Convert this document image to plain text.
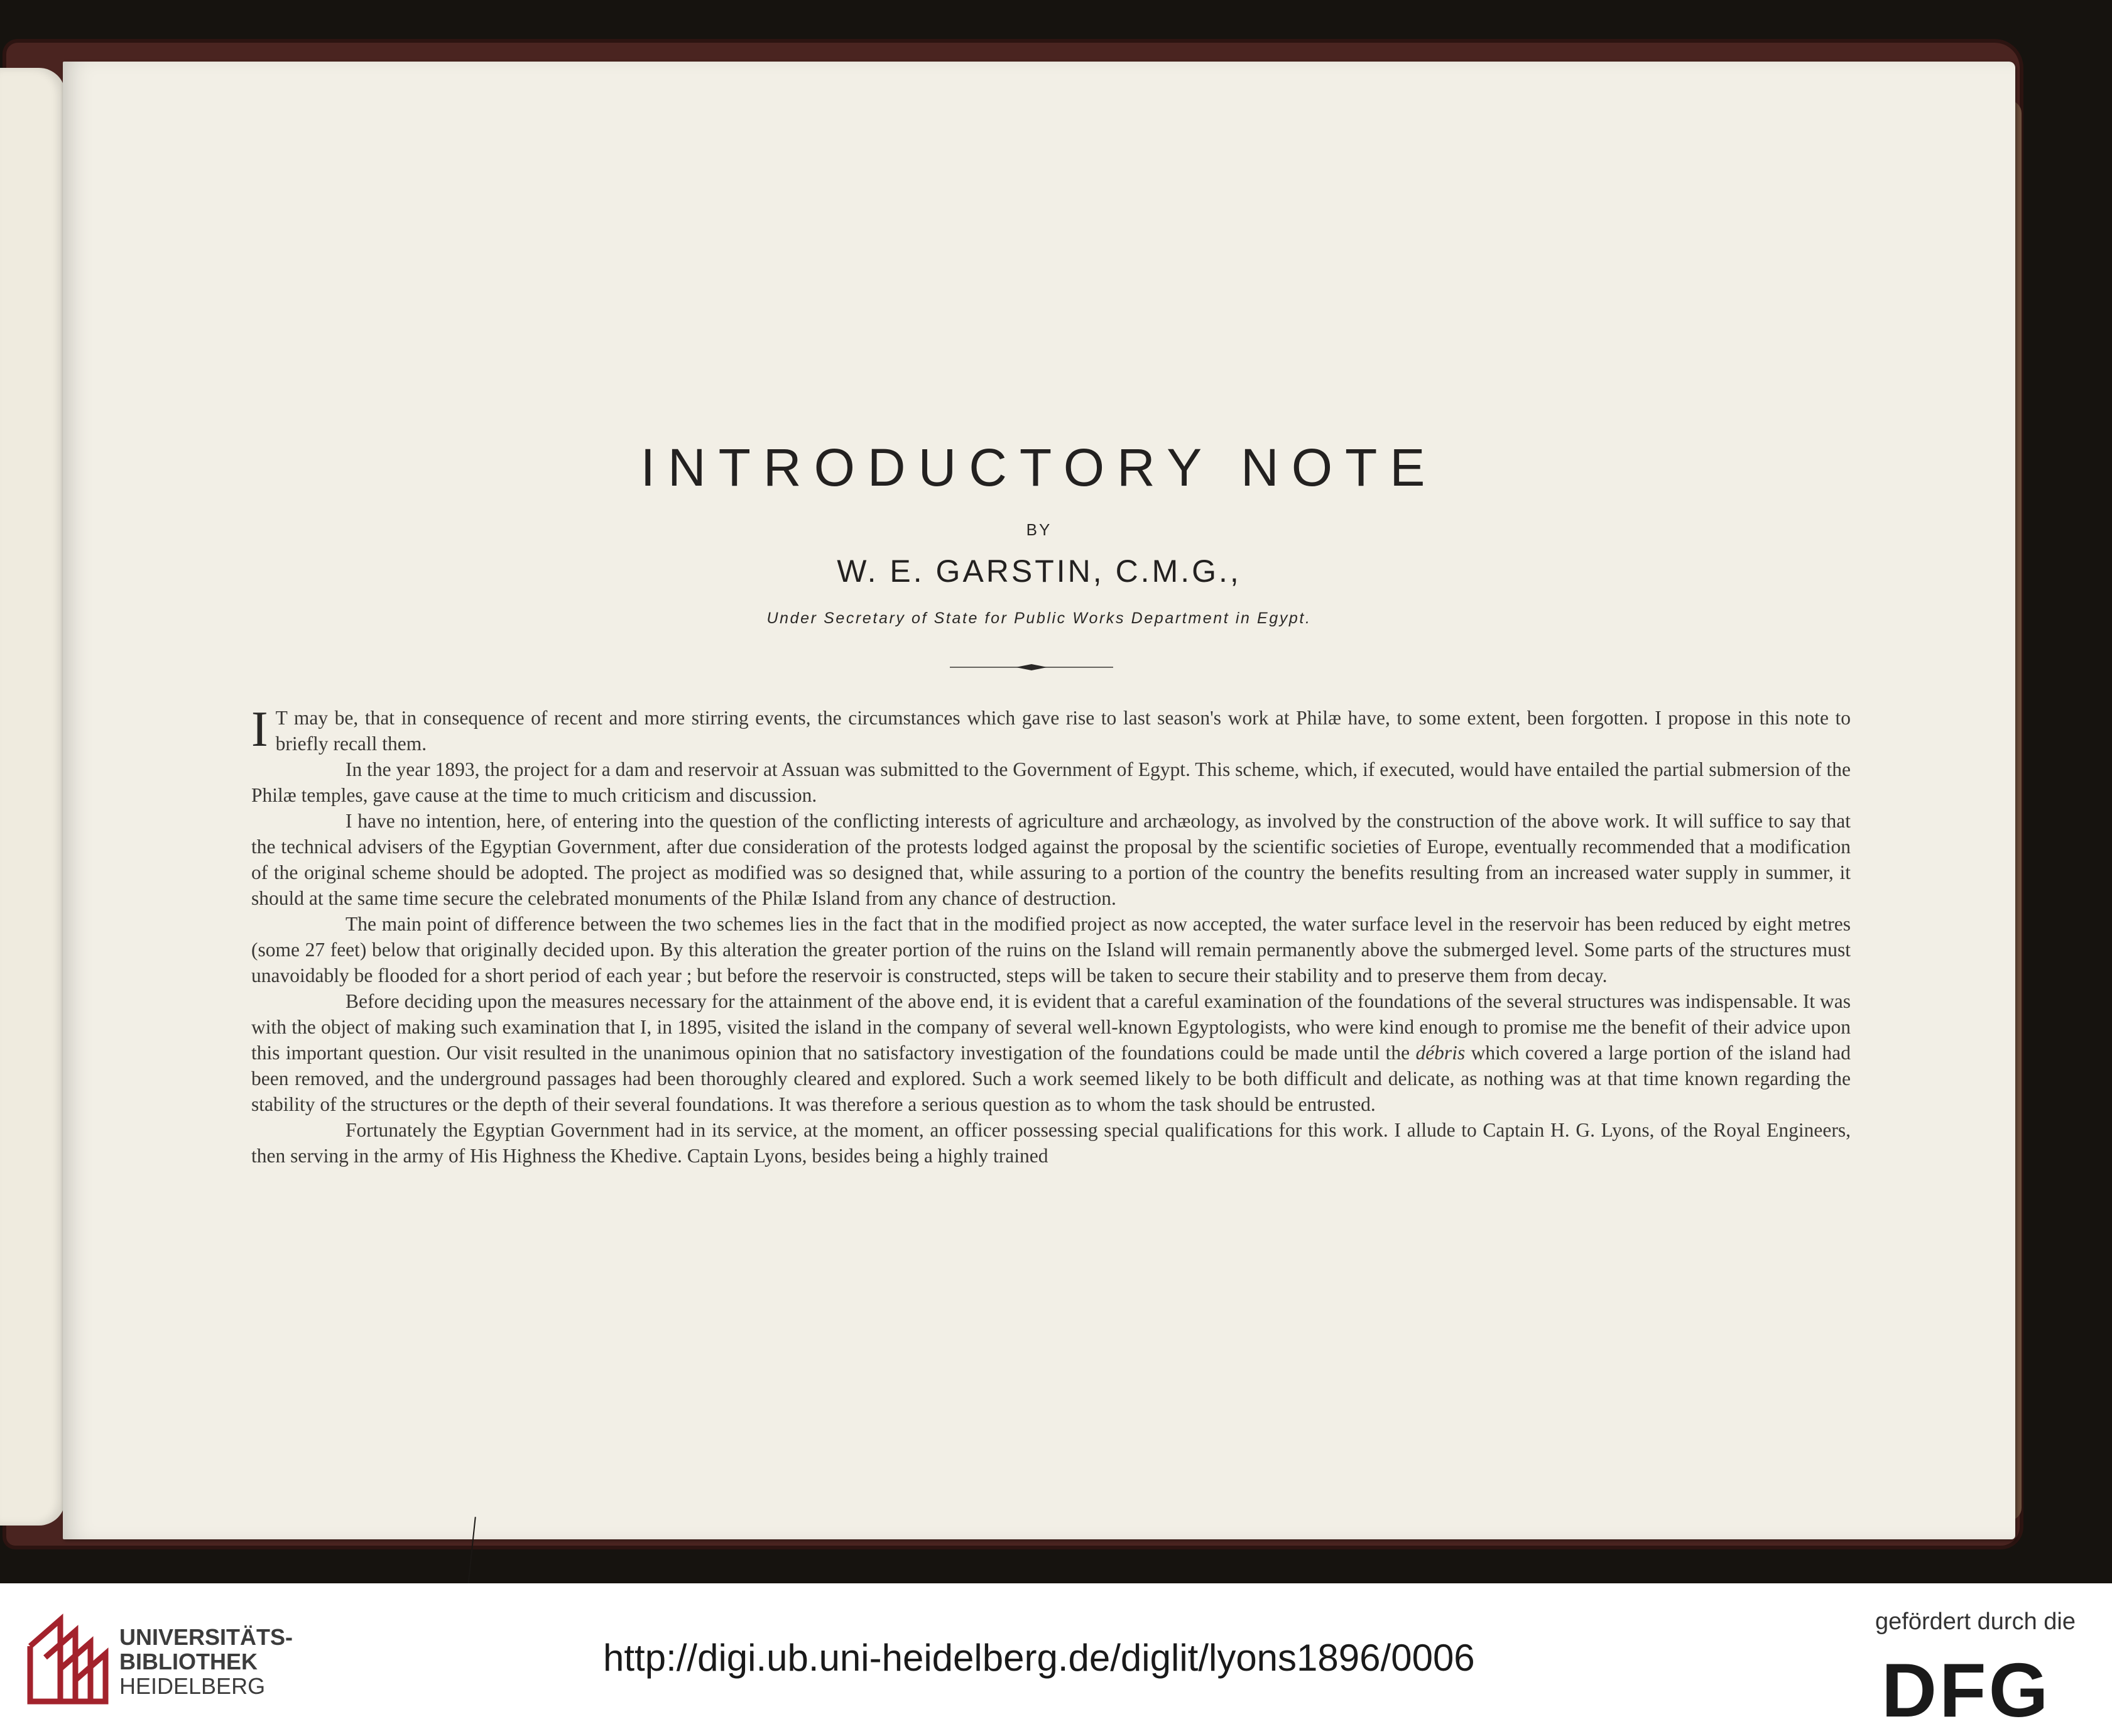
INTRODUCTORY NOTE
BY
W. E. GARSTIN, C.M.G.,
Under Secretary of State for Public Works Department in Egypt.

I T may be, that in consequence of recent and more stirring events, the circumstances which gave rise to last season's work at Philæ have, to some extent, been forgotten. I propose in this note to briefly recall them.

In the year 1893, the project for a dam and reservoir at Assuan was submitted to the Government of Egypt. This scheme, which, if executed, would have entailed the partial submersion of the Philæ temples, gave cause at the time to much criticism and discussion.

I have no intention, here, of entering into the question of the conflicting interests of agriculture and archæology, as involved by the construction of the above work. It will suffice to say that the technical advisers of the Egyptian Government, after due consideration of the protests lodged against the proposal by the scientific societies of Europe, eventually recommended that a modification of the original scheme should be adopted. The project as modified was so designed that, while assuring to a portion of the country the benefits resulting from an increased water supply in summer, it should at the same time secure the celebrated monuments of the Philæ Island from any chance of destruction.

The main point of difference between the two schemes lies in the fact that in the modified project as now accepted, the water surface level in the reservoir has been reduced by eight metres (some 27 feet) below that originally decided upon. By this alteration the greater portion of the ruins on the Island will remain permanently above the submerged level. Some parts of the structures must unavoidably be flooded for a short period of each year ; but before the reservoir is constructed, steps will be taken to secure their stability and to preserve them from decay.

Before deciding upon the measures necessary for the attainment of the above end, it is evident that a careful examination of the foundations of the several structures was indispensable. It was with the object of making such examination that I, in 1895, visited the island in the company of several well-known Egyptologists, who were kind enough to promise me the benefit of their advice upon this important question. Our visit resulted in the unanimous opinion that no satisfactory investigation of the foundations could be made until the débris which covered a large portion of the island had been removed, and the underground passages had been thoroughly cleared and explored. Such a work seemed likely to be both difficult and delicate, as nothing was at that time known regarding the stability of the structures or the depth of their several foundations. It was therefore a serious question as to whom the task should be entrusted.

Fortunately the Egyptian Government had in its service, at the moment, an officer possessing special qualifications for this work. I allude to Captain H. G. Lyons, of the Royal Engineers, then serving in the army of His Highness the Khedive. Captain Lyons, besides being a highly trained

UNIVERSITÄTS-
BIBLIOTHEK
HEIDELBERG
http://digi.ub.uni-heidelberg.de/diglit/lyons1896/0006
gefördert durch die
DFG
